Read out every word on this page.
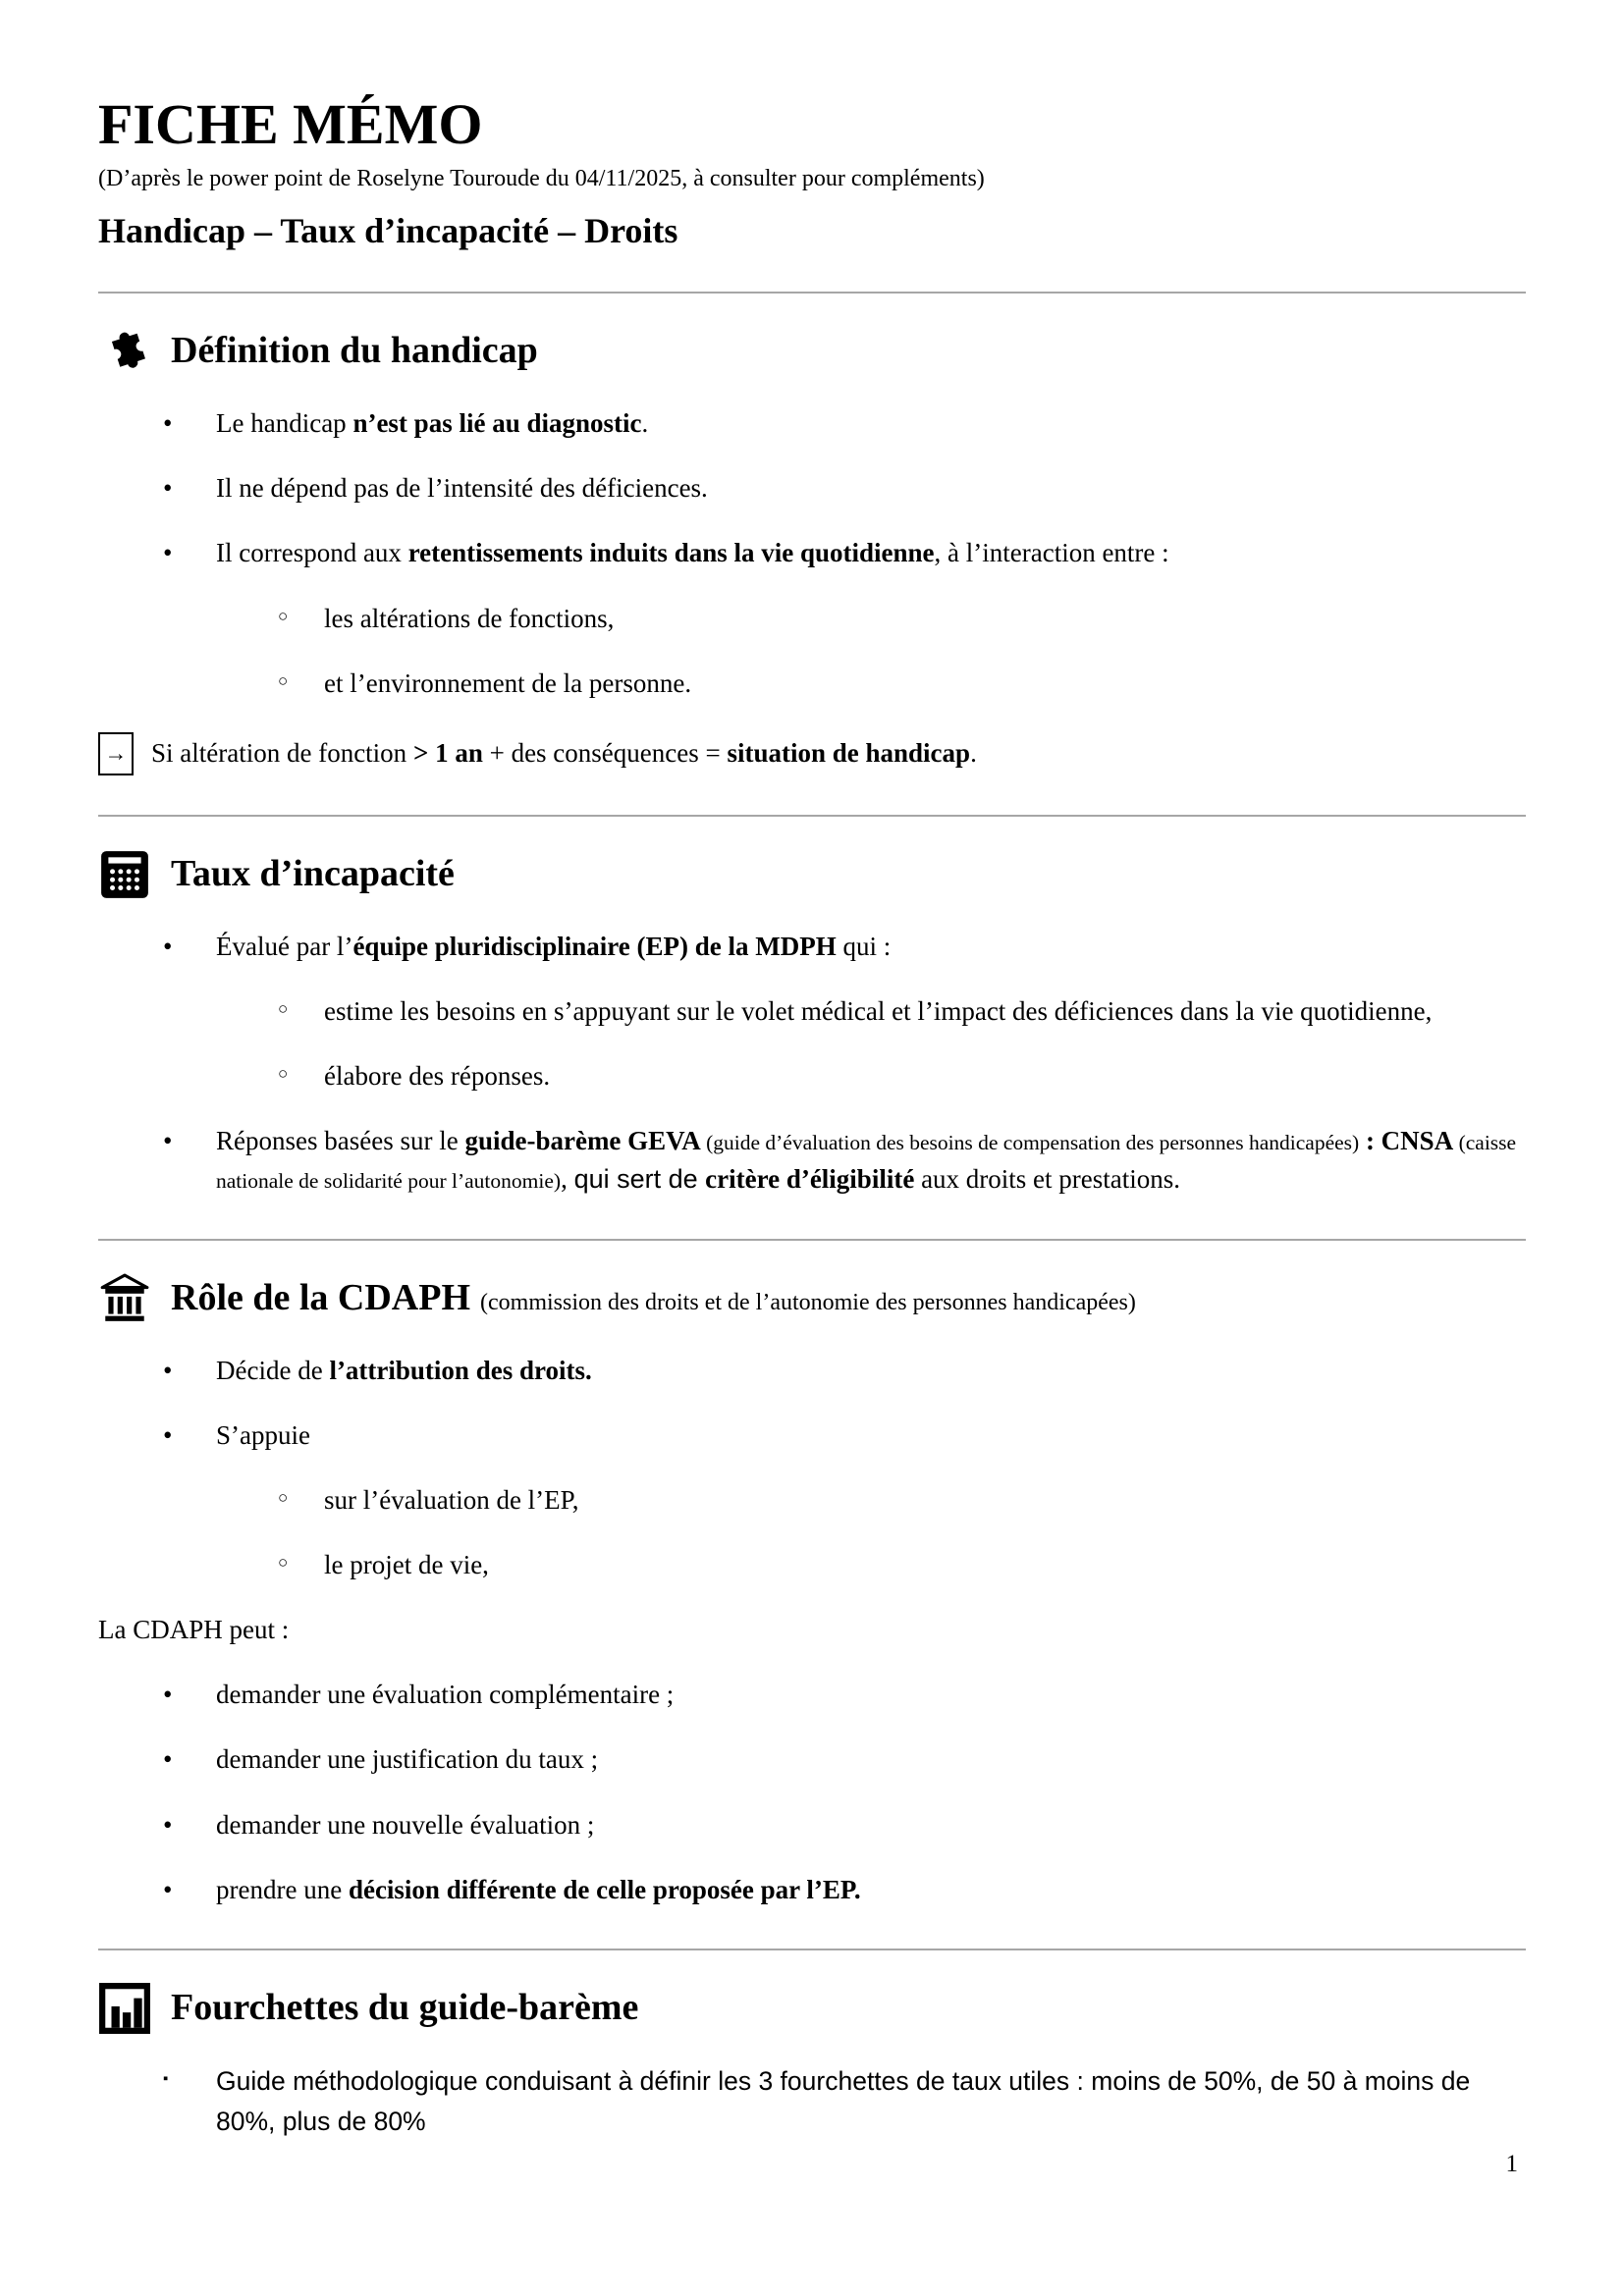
FICHE MÉMO

(D’après le power point de Roselyne Touroude du 04/11/2025, à consulter pour compléments)

Handicap – Taux d’incapacité – Droits
Définition du handicap
• Le handicap n’est pas lié au diagnostic.
• Il ne dépend pas de l’intensité des déficiences.
• Il correspond aux retentissements induits dans la vie quotidienne, à l’interaction entre :
○ les altérations de fonctions,
○ et l’environnement de la personne.
→ Si altération de fonction > 1 an + des conséquences = situation de handicap.
Taux d’incapacité
• Évalué par l’équipe pluridisciplinaire (EP) de la MDPH qui :
○ estime les besoins en s’appuyant sur le volet médical et l’impact des déficiences dans la vie quotidienne,
○ élabore des réponses.
• Réponses basées sur le guide-barème GEVA (guide d’évaluation des besoins de compensation des personnes handicapées) : CNSA (caisse nationale de solidarité pour l’autonomie), qui sert de critère d’éligibilité aux droits et prestations.
Rôle de la CDAPH (commission des droits et de l’autonomie des personnes handicapées)
• Décide de l’attribution des droits.
• S’appuie
○ sur l’évaluation de l’EP,
○ le projet de vie,
La CDAPH peut :
• demander une évaluation complémentaire ;
• demander une justification du taux ;
• demander une nouvelle évaluation ;
• prendre une décision différente de celle proposée par l’EP.
Fourchettes du guide-barème
▪ Guide méthodologique conduisant à définir les 3 fourchettes de taux utiles : moins de 50%, de 50 à moins de 80%, plus de 80%
1
